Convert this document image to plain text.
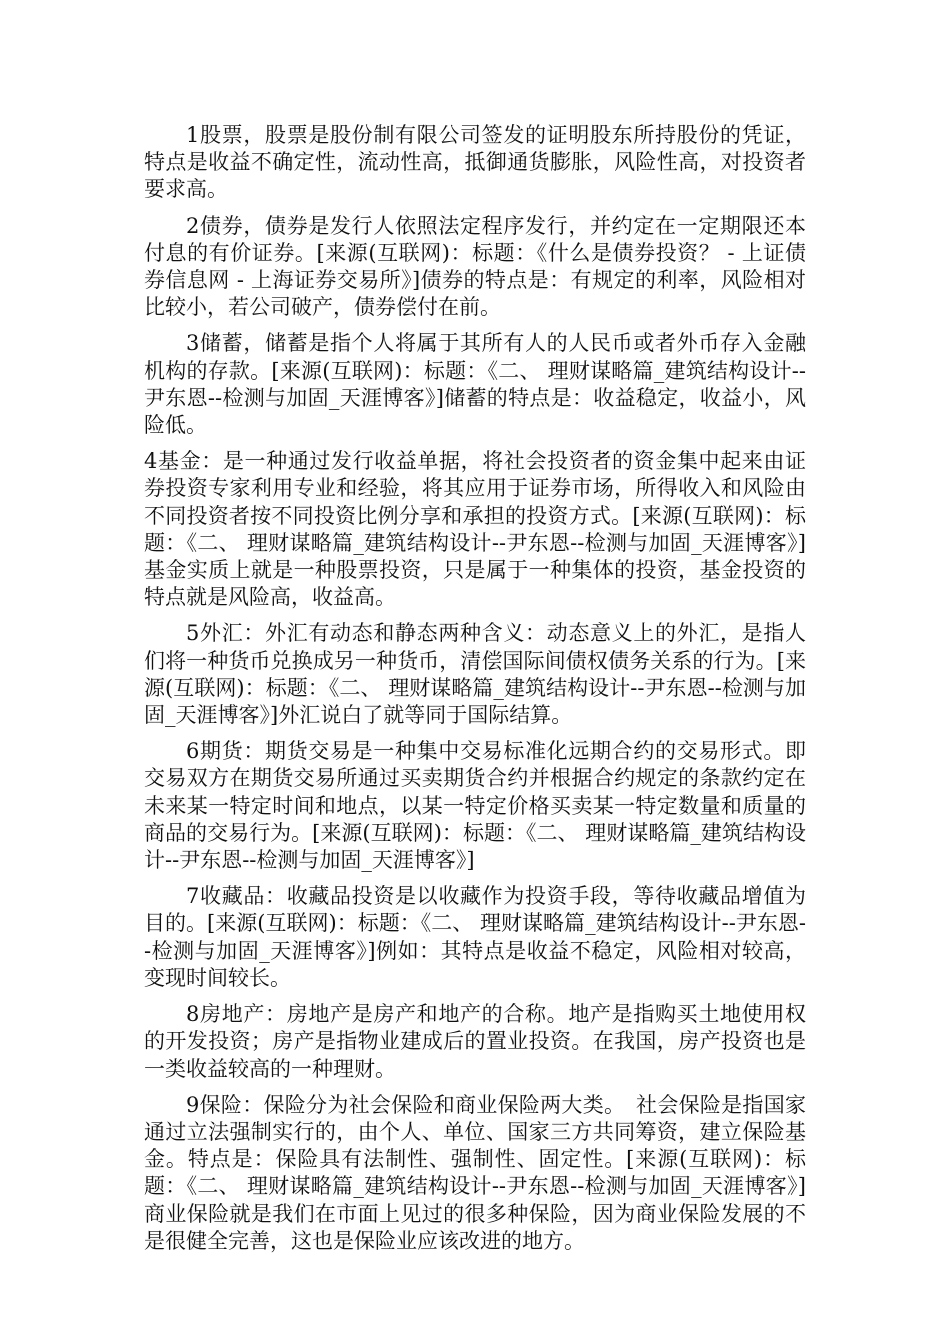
1股票，股票是股份制有限公司签发的证明股东所持股份的凭证，特点是收益不确定性，流动性高，抵御通货膨胀，风险性高，对投资者要求高。

2债券，债券是发行人依照法定程序发行，并约定在一定期限还本付息的有价证券。[来源(互联网)：标题：《什么是债券投资？ - 上证债券信息网 - 上海证券交易所》]债券的特点是：有规定的利率，风险相对比较小，若公司破产，债券偿付在前。

3储蓄，储蓄是指个人将属于其所有人的人民币或者外币存入金融机构的存款。[来源(互联网)：标题：《二、 理财谋略篇_建筑结构设计--尹东恩--检测与加固_天涯博客》]储蓄的特点是：收益稳定，收益小，风险低。

4基金：是一种通过发行收益单据，将社会投资者的资金集中起来由证券投资专家利用专业和经验，将其应用于证券市场，所得收入和风险由不同投资者按不同投资比例分享和承担的投资方式。[来源(互联网)：标题：《二、 理财谋略篇_建筑结构设计--尹东恩--检测与加固_天涯博客》]基金实质上就是一种股票投资，只是属于一种集体的投资，基金投资的特点就是风险高，收益高。

5外汇：外汇有动态和静态两种含义：动态意义上的外汇，是指人们将一种货币兑换成另一种货币，清偿国际间债权债务关系的行为。[来源(互联网)：标题：《二、 理财谋略篇_建筑结构设计--尹东恩--检测与加固_天涯博客》]外汇说白了就等同于国际结算。

6期货：期货交易是一种集中交易标准化远期合约的交易形式。即交易双方在期货交易所通过买卖期货合约并根据合约规定的条款约定在未来某一特定时间和地点，以某一特定价格买卖某一特定数量和质量的商品的交易行为。[来源(互联网)：标题：《二、 理财谋略篇_建筑结构设计--尹东恩--检测与加固_天涯博客》]

7收藏品：收藏品投资是以收藏作为投资手段，等待收藏品增值为目的。[来源(互联网)：标题：《二、 理财谋略篇_建筑结构设计--尹东恩--检测与加固_天涯博客》]例如：其特点是收益不稳定，风险相对较高，变现时间较长。

8房地产：房地产是房产和地产的合称。地产是指购买土地使用权的开发投资；房产是指物业建成后的置业投资。在我国，房产投资也是一类收益较高的一种理财。

9保险：保险分为社会保险和商业保险两大类。　社会保险是指国家通过立法强制实行的，由个人、单位、国家三方共同筹资，建立保险基金。特点是：保险具有法制性、强制性、固定性。[来源(互联网)：标题：《二、 理财谋略篇_建筑结构设计--尹东恩--检测与加固_天涯博客》]商业保险就是我们在市面上见过的很多种保险，因为商业保险发展的不是很健全完善，这也是保险业应该改进的地方。
